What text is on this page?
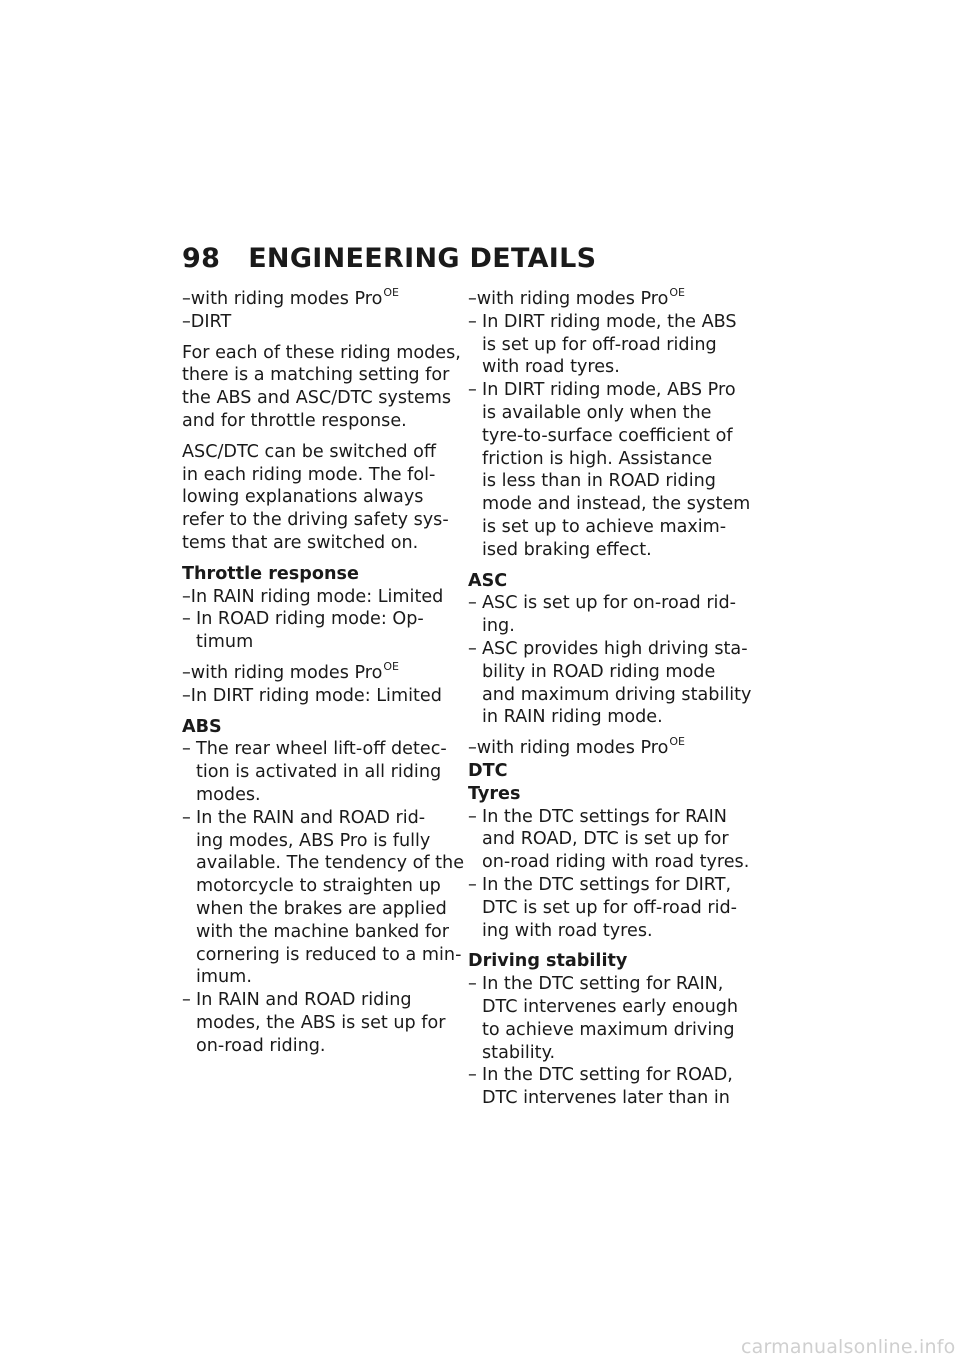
98 ENGINEERING DETAILS
–with riding modes Pro$^{OE}$
–DIRT
For each of these riding modes,
there is a matching setting for
the ABS and ASC/DTC systems
and for throttle response.
ASC/DTC can be switched off
in each riding mode. The fol-
lowing explanations always
refer to the driving safety sys-
tems that are switched on.
Throttle response
–In RAIN riding mode: Limited
– In ROAD riding mode: Op-
timum
–with riding modes Pro$^{OE}$
–In DIRT riding mode: Limited
ABS
– The rear wheel lift-off detec-
tion is activated in all riding
modes.
– In the RAIN and ROAD rid-
ing modes, ABS Pro is fully
available. The tendency of the
motorcycle to straighten up
when the brakes are applied
with the machine banked for
cornering is reduced to a min-
imum.
– In RAIN and ROAD riding
modes, the ABS is set up for
on-road riding.
–with riding modes Pro$^{OE}$
– In DIRT riding mode, the ABS
is set up for off-road riding
with road tyres.
– In DIRT riding mode, ABS Pro
is available only when the
tyre-to-surface coefficient of
friction is high. Assistance
is less than in ROAD riding
mode and instead, the system
is set up to achieve maxim-
ised braking effect.
ASC
– ASC is set up for on-road rid-
ing.
– ASC provides high driving sta-
bility in ROAD riding mode
and maximum driving stability
in RAIN riding mode.
–with riding modes Pro$^{OE}$
DTC
Tyres
– In the DTC settings for RAIN
and ROAD, DTC is set up for
on-road riding with road tyres.
– In the DTC settings for DIRT,
DTC is set up for off-road rid-
ing with road tyres.
Driving stability
– In the DTC setting for RAIN,
DTC intervenes early enough
to achieve maximum driving
stability.
– In the DTC setting for ROAD,
DTC intervenes later than in
carmanualsonline.info
